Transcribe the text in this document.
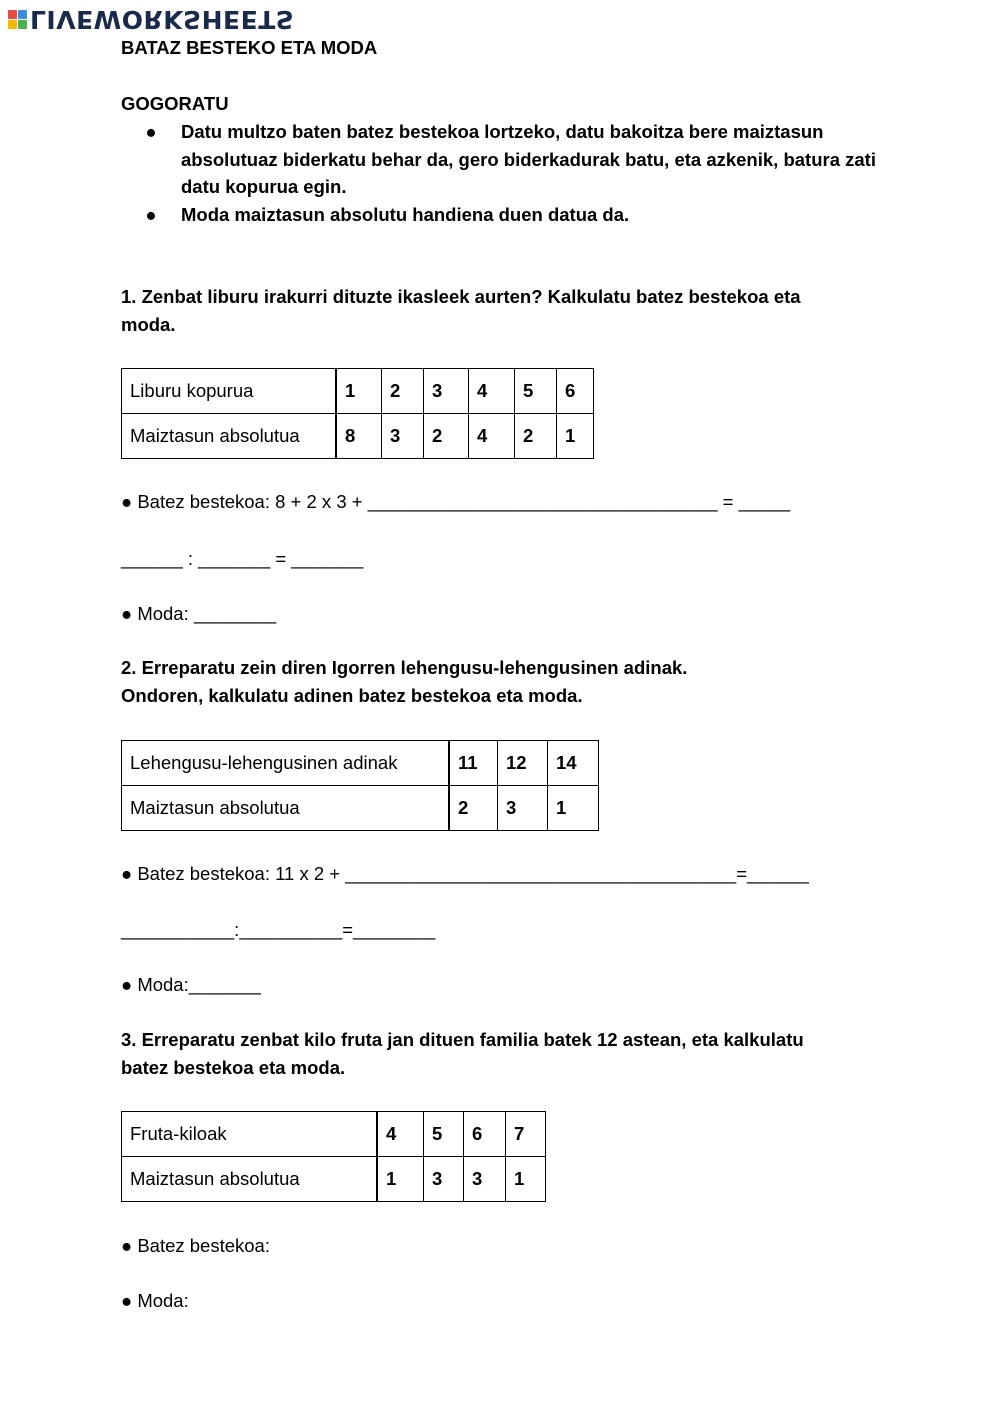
LIVEWORKSHEETS
BATAZ BESTEKO ETA MODA
GOGORATU
●	Datu multzo baten batez bestekoa lortzeko, datu bakoitza bere maiztasun absolutuaz biderkatu behar da, gero biderkadurak batu, eta azkenik, batura zati datu kopurua egin.
●	Moda maiztasun absolutu handiena duen datua da.
1. Zenbat liburu irakurri dituzte ikasleek aurten? Kalkulatu batez bestekoa eta
moda.
Liburu kopurua	1	2	3	4	5	6
Maiztasun absolutua	8	3	2	4	2	1
● Batez bestekoa: 8 + 2 x 3 + __________________________________ = _____
______ : _______ = _______
● Moda: ________
2. Erreparatu zein diren Igorren lehengusu-lehengusinen adinak.
Ondoren, kalkulatu adinen batez bestekoa eta moda.
Lehengusu-lehengusinen adinak	11	12	14
Maiztasun absolutua	2	3	1
● Batez bestekoa: 11 x 2 + ______________________________________=______
___________:__________=________
● Moda:_______
3. Erreparatu zenbat kilo fruta jan dituen familia batek 12 astean, eta kalkulatu
batez bestekoa eta moda.
Fruta-kiloak	4	5	6	7
Maiztasun absolutua	1	3	3	1
● Batez bestekoa:
● Moda:
